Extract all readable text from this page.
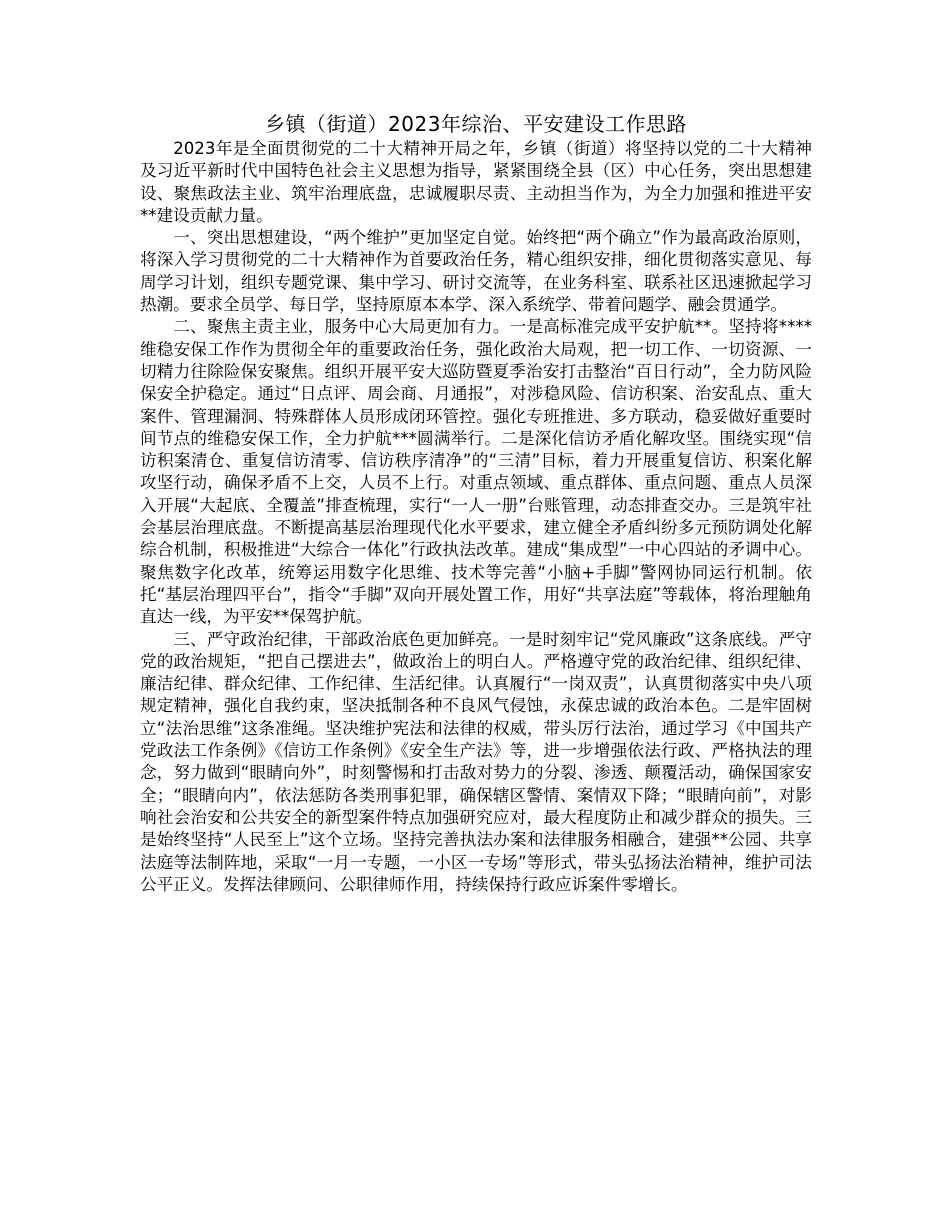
乡镇（街道）2023年综治、平安建设工作思路

2023年是全面贯彻党的二十大精神开局之年，乡镇（街道）将坚持以党的二十大精神及习近平新时代中国特色社会主义思想为指导，紧紧围绕全县（区）中心任务，突出思想建设、聚焦政法主业、筑牢治理底盘，忠诚履职尽责、主动担当作为，为全力加强和推进平安**建设贡献力量。

一、突出思想建设，“两个维护”更加坚定自觉。始终把“两个确立”作为最高政治原则，将深入学习贯彻党的二十大精神作为首要政治任务，精心组织安排，细化贯彻落实意见、每周学习计划，组织专题党课、集中学习、研讨交流等，在业务科室、联系社区迅速掀起学习热潮。要求全员学、每日学，坚持原原本本学、深入系统学、带着问题学、融会贯通学。

二、聚焦主责主业，服务中心大局更加有力。一是高标准完成平安护航**。坚持将****维稳安保工作作为贯彻全年的重要政治任务，强化政治大局观，把一切工作、一切资源、一切精力往除险保安聚焦。组织开展平安大巡防暨夏季治安打击整治“百日行动”，全力防风险保安全护稳定。通过“日点评、周会商、月通报”，对涉稳风险、信访积案、治安乱点、重大案件、管理漏洞、特殊群体人员形成闭环管控。强化专班推进、多方联动，稳妥做好重要时间节点的维稳安保工作，全力护航***圆满举行。二是深化信访矛盾化解攻坚。围绕实现“信访积案清仓、重复信访清零、信访秩序清净”的“三清”目标，着力开展重复信访、积案化解攻坚行动，确保矛盾不上交，人员不上行。对重点领域、重点群体、重点问题、重点人员深入开展“大起底、全覆盖”排查梳理，实行“一人一册”台账管理，动态排查交办。三是筑牢社会基层治理底盘。不断提高基层治理现代化水平要求，建立健全矛盾纠纷多元预防调处化解综合机制，积极推进“大综合一体化”行政执法改革。建成“集成型”一中心四站的矛调中心。聚焦数字化改革，统筹运用数字化思维、技术等完善“小脑+手脚”警网协同运行机制。依托“基层治理四平台”，指令“手脚”双向开展处置工作，用好“共享法庭”等载体，将治理触角直达一线，为平安**保驾护航。

三、严守政治纪律，干部政治底色更加鲜亮。一是时刻牢记“党风廉政”这条底线。严守党的政治规矩，“把自己摆进去”，做政治上的明白人。严格遵守党的政治纪律、组织纪律、廉洁纪律、群众纪律、工作纪律、生活纪律。认真履行“一岗双责”，认真贯彻落实中央八项规定精神，强化自我约束，坚决抵制各种不良风气侵蚀，永葆忠诚的政治本色。二是牢固树立“法治思维”这条准绳。坚决维护宪法和法律的权威，带头厉行法治，通过学习《中国共产党政法工作条例》《信访工作条例》《安全生产法》等，进一步增强依法行政、严格执法的理念，努力做到“眼睛向外”，时刻警惕和打击敌对势力的分裂、渗透、颠覆活动，确保国家安全；“眼睛向内”，依法惩防各类刑事犯罪，确保辖区警情、案情双下降；“眼睛向前”，对影响社会治安和公共安全的新型案件特点加强研究应对，最大程度防止和减少群众的损失。三是始终坚持“人民至上”这个立场。坚持完善执法办案和法律服务相融合，建强**公园、共享法庭等法制阵地，采取“一月一专题，一小区一专场”等形式，带头弘扬法治精神，维护司法公平正义。发挥法律顾问、公职律师作用，持续保持行政应诉案件零增长。
